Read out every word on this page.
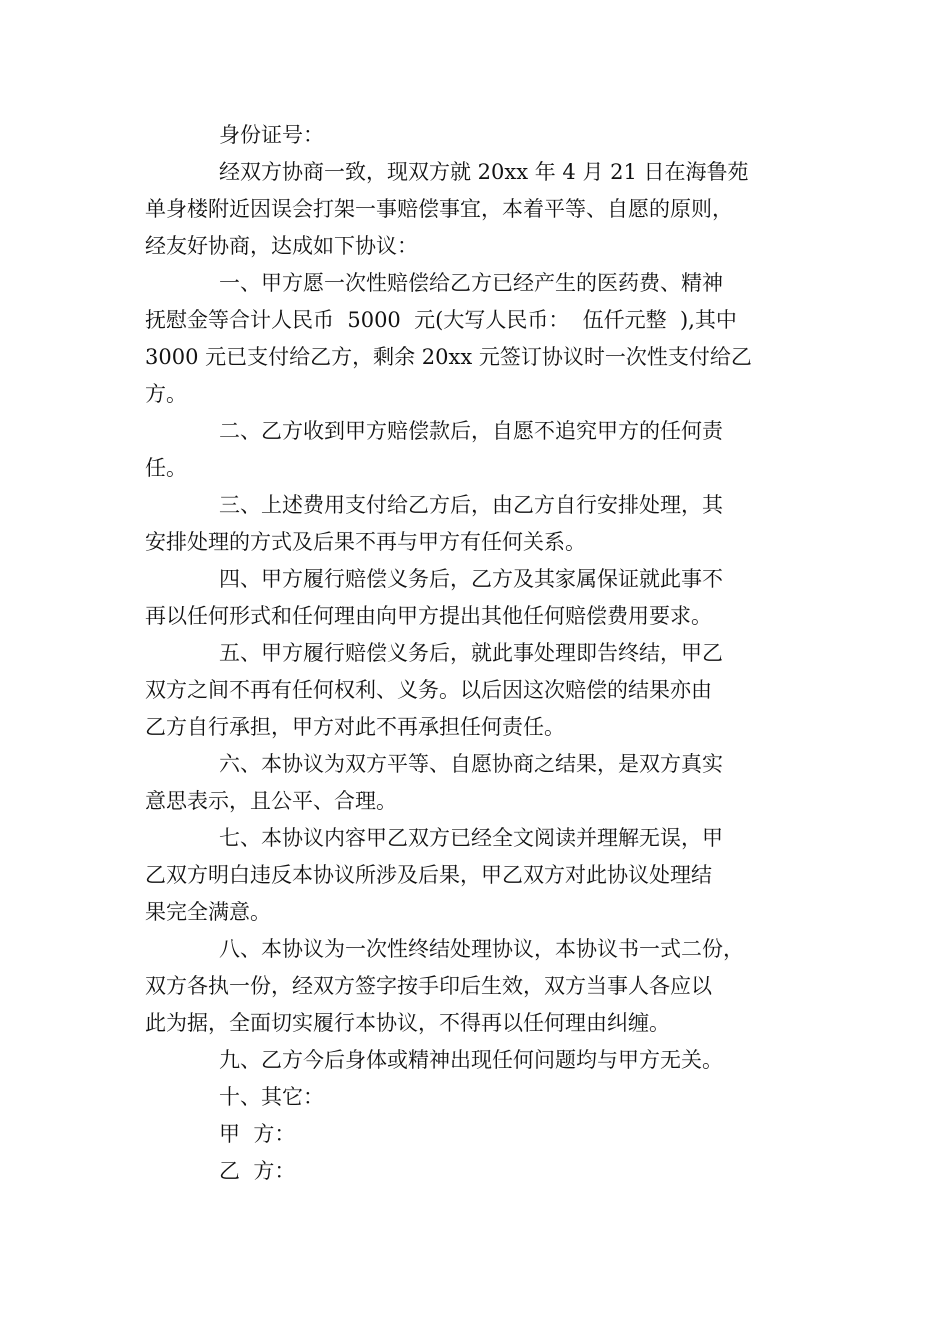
身份证号：
经双方协商一致，现双方就 20xx 年 4 月 21 日在海鲁苑
单身楼附近因误会打架一事赔偿事宜，本着平等、自愿的原则，
经友好协商，达成如下协议：
一、甲方愿一次性赔偿给乙方已经产生的医药费、精神
抚慰金等合计人民币  5000  元(大写人民币：  伍仟元整  ),其中
3000 元已支付给乙方，剩余 20xx 元签订协议时一次性支付给乙
方。
二、乙方收到甲方赔偿款后，自愿不追究甲方的任何责
任。
三、上述费用支付给乙方后，由乙方自行安排处理，其
安排处理的方式及后果不再与甲方有任何关系。
四、甲方履行赔偿义务后，乙方及其家属保证就此事不
再以任何形式和任何理由向甲方提出其他任何赔偿费用要求。
五、甲方履行赔偿义务后，就此事处理即告终结，甲乙
双方之间不再有任何权利、义务。以后因这次赔偿的结果亦由
乙方自行承担，甲方对此不再承担任何责任。
六、本协议为双方平等、自愿协商之结果，是双方真实
意思表示，且公平、合理。
七、本协议内容甲乙双方已经全文阅读并理解无误，甲
乙双方明白违反本协议所涉及后果，甲乙双方对此协议处理结
果完全满意。
八、本协议为一次性终结处理协议，本协议书一式二份，
双方各执一份，经双方签字按手印后生效，双方当事人各应以
此为据，全面切实履行本协议，不得再以任何理由纠缠。
九、乙方今后身体或精神出现任何问题均与甲方无关。
十、其它：
甲  方：
乙  方：
